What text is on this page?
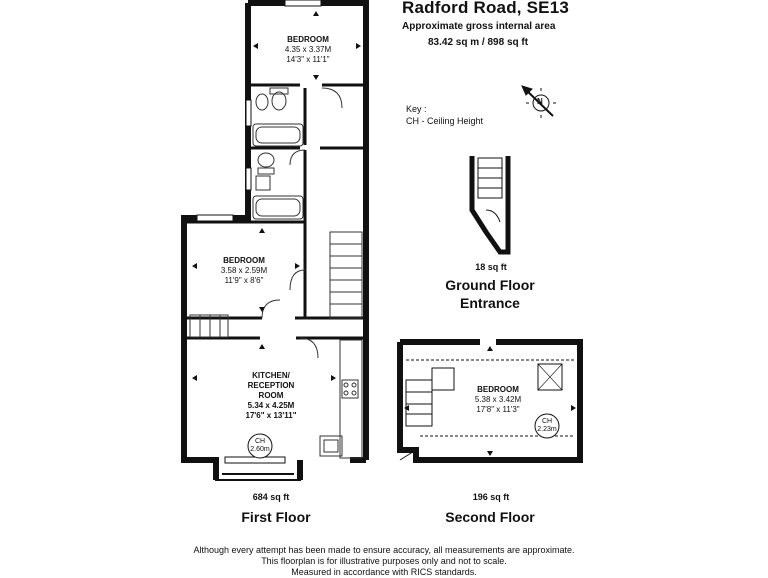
Radford Road, SE13
Approximate gross internal area
83.42 sq m / 898 sq ft
Key :
CH - Ceiling Height
N
BEDROOM
4.35 x 3.37M
14'3" x 11'1"
BEDROOM
3.58 x 2.59M
11'9" x 8'6"
KITCHEN/
RECEPTION
ROOM
5.34 x 4.25M
17'6" x 13'11"
CH
2.60m
684 sq ft
First Floor
18 sq ft
Ground Floor
Entrance
BEDROOM
5.38 x 3.42M
17'8" x 11'3"
CH
2.23m
196 sq ft
Second Floor
Although every attempt has been made to ensure accuracy, all measurements are approximate.
This floorplan is for illustrative purposes only and not to scale.
Measured in accordance with RICS standards.
